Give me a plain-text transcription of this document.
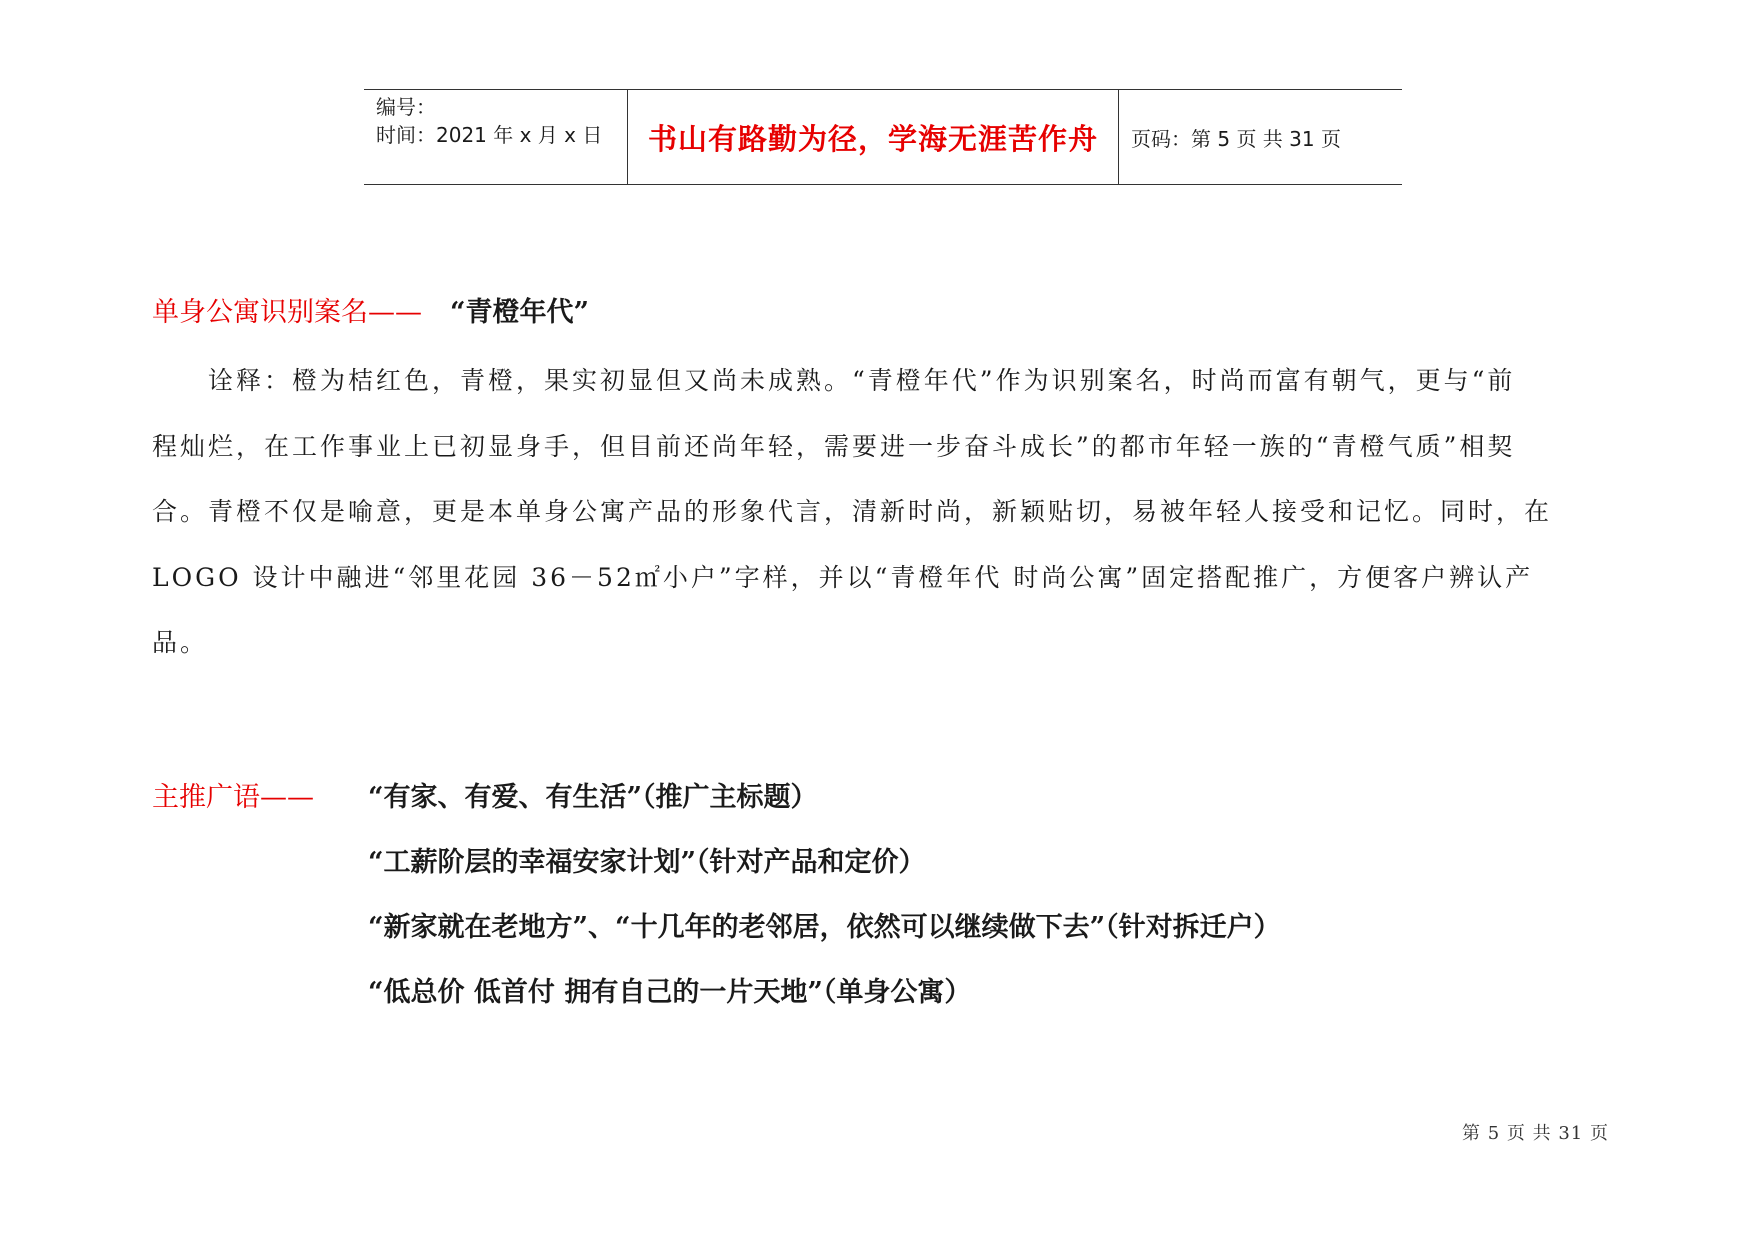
编号：
时间：2021 年 x 月 x 日	书山有路勤为径，学海无涯苦作舟 页码：第 5 页 共 31 页
单身公寓识别案名—— “青橙年代”
诠释：橙为桔红色，青橙，果实初显但又尚未成熟。“青橙年代”作为识别案名，时尚而富有朝气，更与“前
程灿烂，在工作事业上已初显身手，但目前还尚年轻，需要进一步奋斗成长”的都市年轻一族的“青橙气质”相契
合。青橙不仅是喻意，更是本单身公寓产品的形象代言，清新时尚，新颖贴切，易被年轻人接受和记忆。同时，在
LOGO 设计中融进“邻里花园 36－52㎡小户”字样，并以“青橙年代 时尚公寓”固定搭配推广，方便客户辨认产
品。
主推广语—— “有家、有爱、有生活”（推广主标题）
“工薪阶层的幸福安家计划”（针对产品和定价）
“新家就在老地方”、“十几年的老邻居，依然可以继续做下去”（针对拆迁户）
“低总价 低首付 拥有自己的一片天地”（单身公寓）
第 5 页 共 31 页
